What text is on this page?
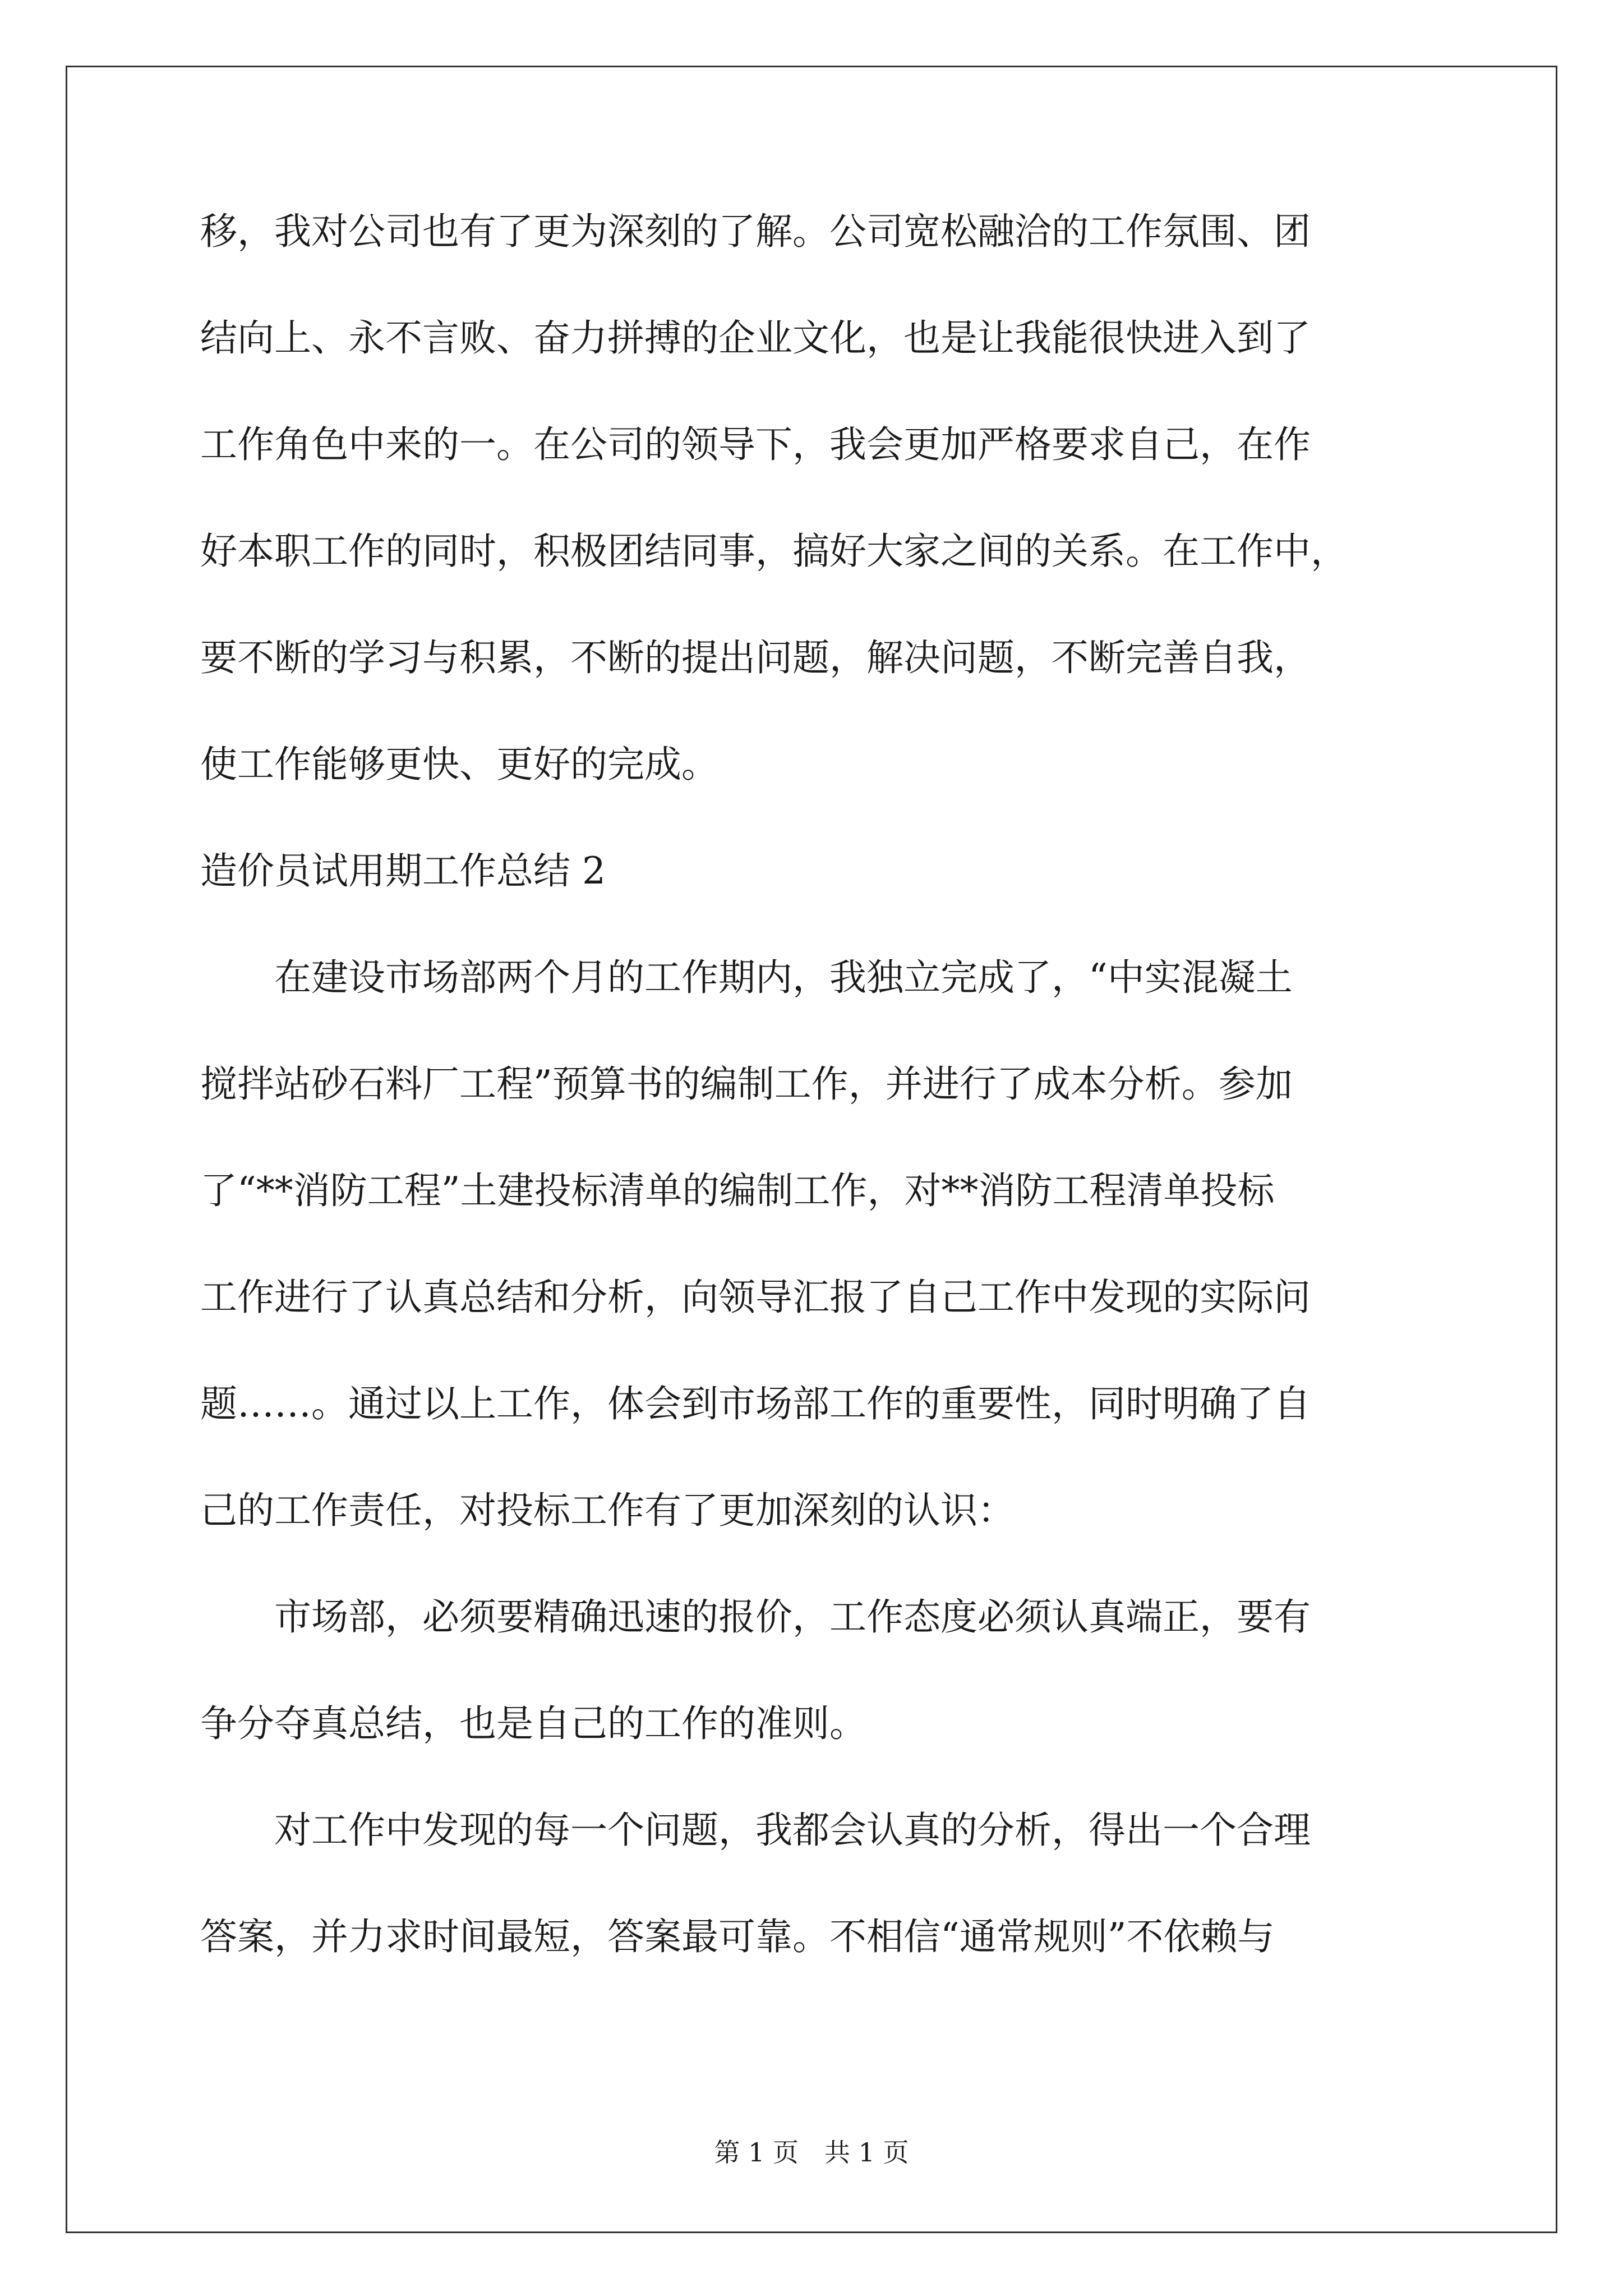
移，我对公司也有了更为深刻的了解。公司宽松融洽的工作氛围、团
结向上、永不言败、奋力拼搏的企业文化，也是让我能很快进入到了
工作角色中来的一。在公司的领导下，我会更加严格要求自己，在作
好本职工作的同时，积极团结同事，搞好大家之间的关系。在工作中，
要不断的学习与积累，不断的提出问题，解决问题，不断完善自我，
使工作能够更快、更好的完成。
造价员试用期工作总结 2
在建设市场部两个月的工作期内，我独立完成了，“中实混凝土
搅拌站砂石料厂工程”预算书的编制工作，并进行了成本分析。参加
了“**消防工程”土建投标清单的编制工作，对**消防工程清单投标
工作进行了认真总结和分析，向领导汇报了自己工作中发现的实际问
题……。通过以上工作，体会到市场部工作的重要性，同时明确了自
己的工作责任，对投标工作有了更加深刻的认识：
市场部，必须要精确迅速的报价，工作态度必须认真端正，要有
争分夺真总结，也是自己的工作的准则。
对工作中发现的每一个问题，我都会认真的分析，得出一个合理
答案，并力求时间最短，答案最可靠。不相信“通常规则”不依赖与
第 1 页 共 1 页
